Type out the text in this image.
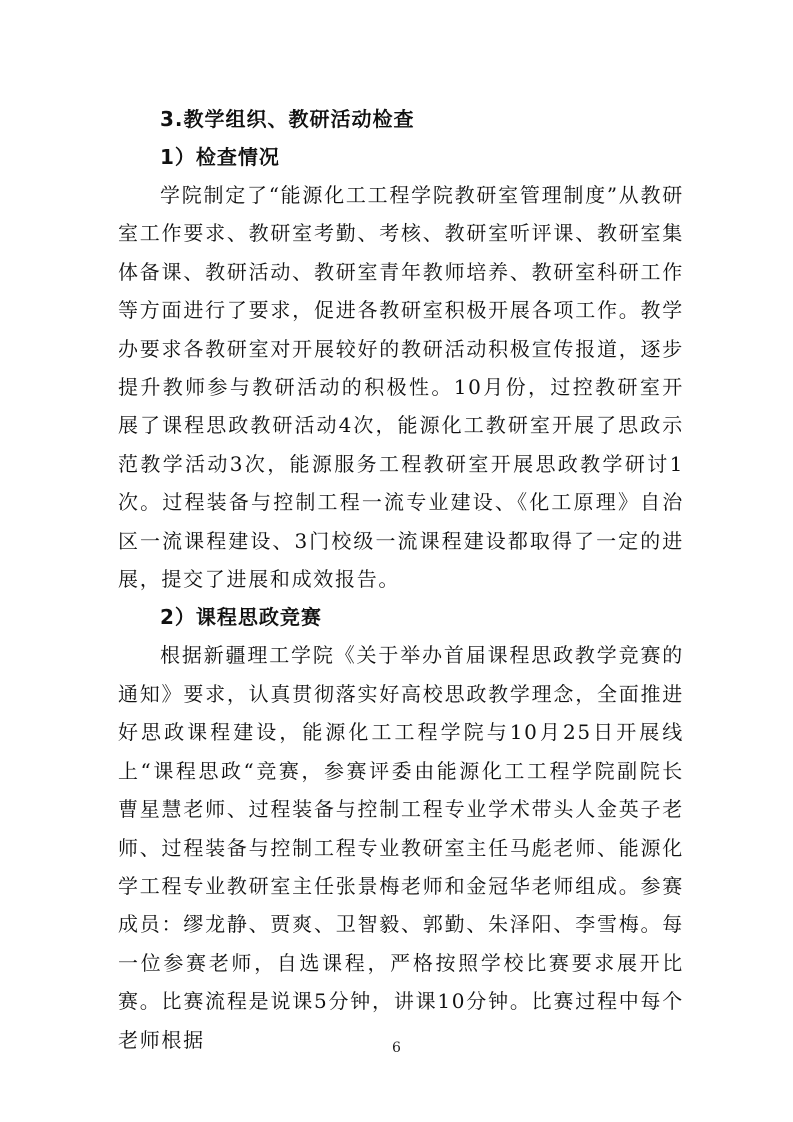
3.教学组织、教研活动检查
1）检查情况

学院制定了“能源化工工程学院教研室管理制度”从教研室工作要求、教研室考勤、考核、教研室听评课、教研室集体备课、教研活动、教研室青年教师培养、教研室科研工作等方面进行了要求，促进各教研室积极开展各项工作。教学办要求各教研室对开展较好的教研活动积极宣传报道，逐步提升教师参与教研活动的积极性。10月份，过控教研室开展了课程思政教研活动4次，能源化工教研室开展了思政示范教学活动3次，能源服务工程教研室开展思政教学研讨1次。过程装备与控制工程一流专业建设、《化工原理》自治区一流课程建设、3门校级一流课程建设都取得了一定的进展，提交了进展和成效报告。

2）课程思政竞赛

根据新疆理工学院《关于举办首届课程思政教学竞赛的通知》要求，认真贯彻落实好高校思政教学理念，全面推进好思政课程建设，能源化工工程学院与10月25日开展线上“课程思政“竞赛，参赛评委由能源化工工程学院副院长曹星慧老师、过程装备与控制工程专业学术带头人金英子老师、过程装备与控制工程专业教研室主任马彪老师、能源化学工程专业教研室主任张景梅老师和金冠华老师组成。参赛成员：缪龙静、贾爽、卫智毅、郭勤、朱泽阳、李雪梅。每一位参赛老师，自选课程，严格按照学校比赛要求展开比赛。比赛流程是说课5分钟，讲课10分钟。比赛过程中每个老师根据	6
